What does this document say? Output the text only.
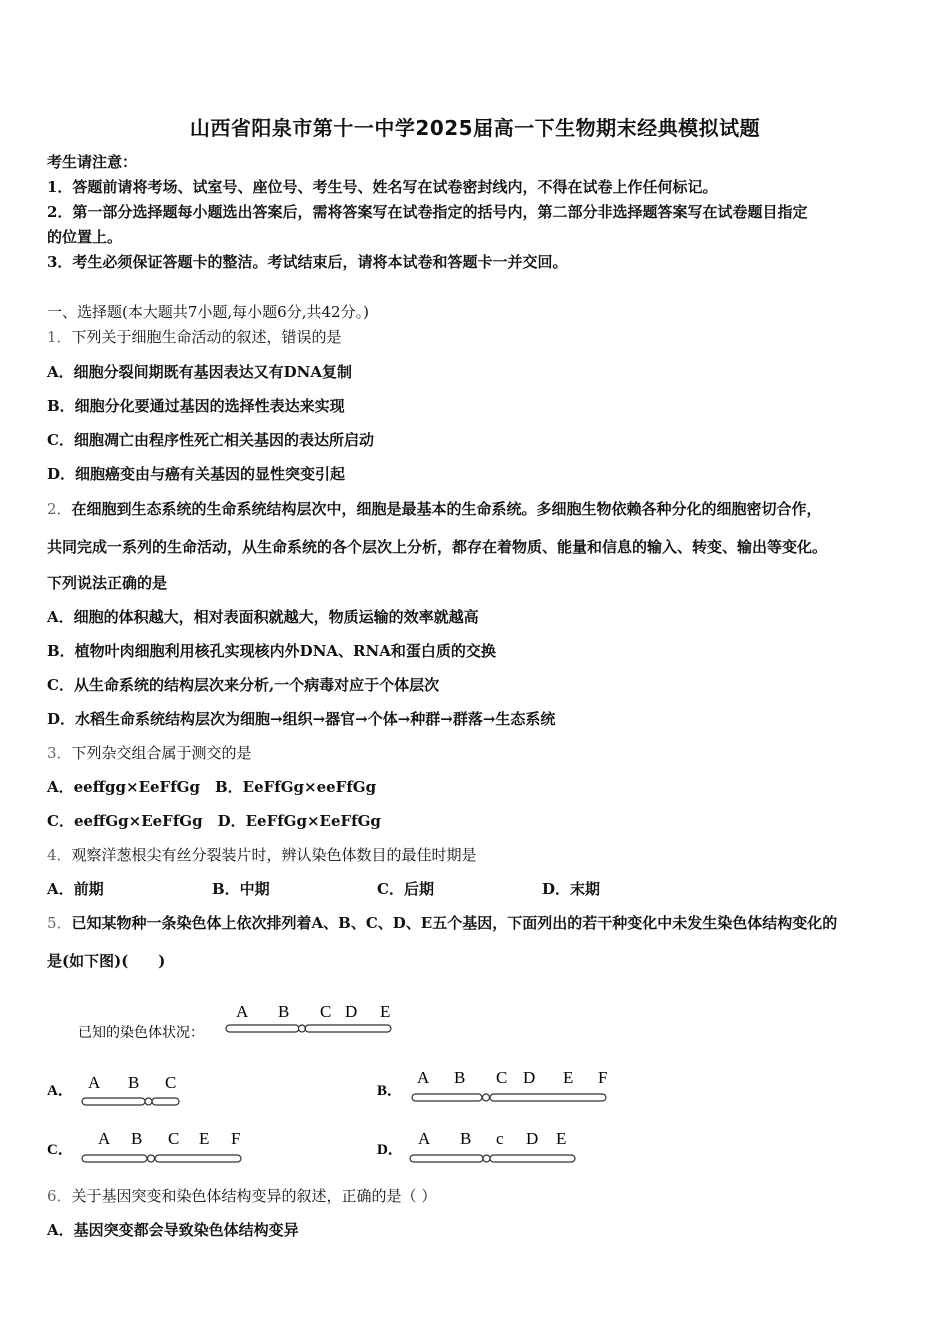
山西省阳泉市第十一中学2025届高一下生物期末经典模拟试题
考生请注意：
1．答题前请将考场、试室号、座位号、考生号、姓名写在试卷密封线内，不得在试卷上作任何标记。
2．第一部分选择题每小题选出答案后，需将答案写在试卷指定的括号内，第二部分非选择题答案写在试卷题目指定
的位置上。
3．考生必须保证答题卡的整洁。考试结束后，请将本试卷和答题卡一并交回。
一、选择题(本大题共7小题,每小题6分,共42分。)
1．下列关于细胞生命活动的叙述，错误的是
A．细胞分裂间期既有基因表达又有DNA复制
B．细胞分化要通过基因的选择性表达来实现
C．细胞凋亡由程序性死亡相关基因的表达所启动
D．细胞癌变由与癌有关基因的显性突变引起
2．在细胞到生态系统的生命系统结构层次中，细胞是最基本的生命系统。多细胞生物依赖各种分化的细胞密切合作，
共同完成一系列的生命活动，从生命系统的各个层次上分析，都存在着物质、能量和信息的输入、转变、输出等变化。
下列说法正确的是
A．细胞的体积越大，相对表面积就越大，物质运输的效率就越高
B．植物叶肉细胞利用核孔实现核内外DNA、RNA和蛋白质的交换
C．从生命系统的结构层次来分析,一个病毒对应于个体层次
D．水稻生命系统结构层次为细胞→组织→器官→个体→种群→群落→生态系统
3．下列杂交组合属于测交的是
A．eeffgg×EeFfGg　B．EeFfGg×eeFfGg
C．eeffGg×EeFfGg　D．EeFfGg×EeFfGg
4．观察洋葱根尖有丝分裂装片时，辨认染色体数目的最佳时期是
A．前期	B．中期	C．后期	D．末期
5．已知某物种一条染色体上依次排列着A、B、C、D、E五个基因，下面列出的若干种变化中未发生染色体结构变化的
是(如下图)(　　)
已知的染色体状况：
A B C D E
A． A B C	B．
A B C D E F
C．
A B C E F
D．
A B c D E
6．关于基因突变和染色体结构变异的叙述，正确的是（ ）
A．基因突变都会导致染色体结构变异
